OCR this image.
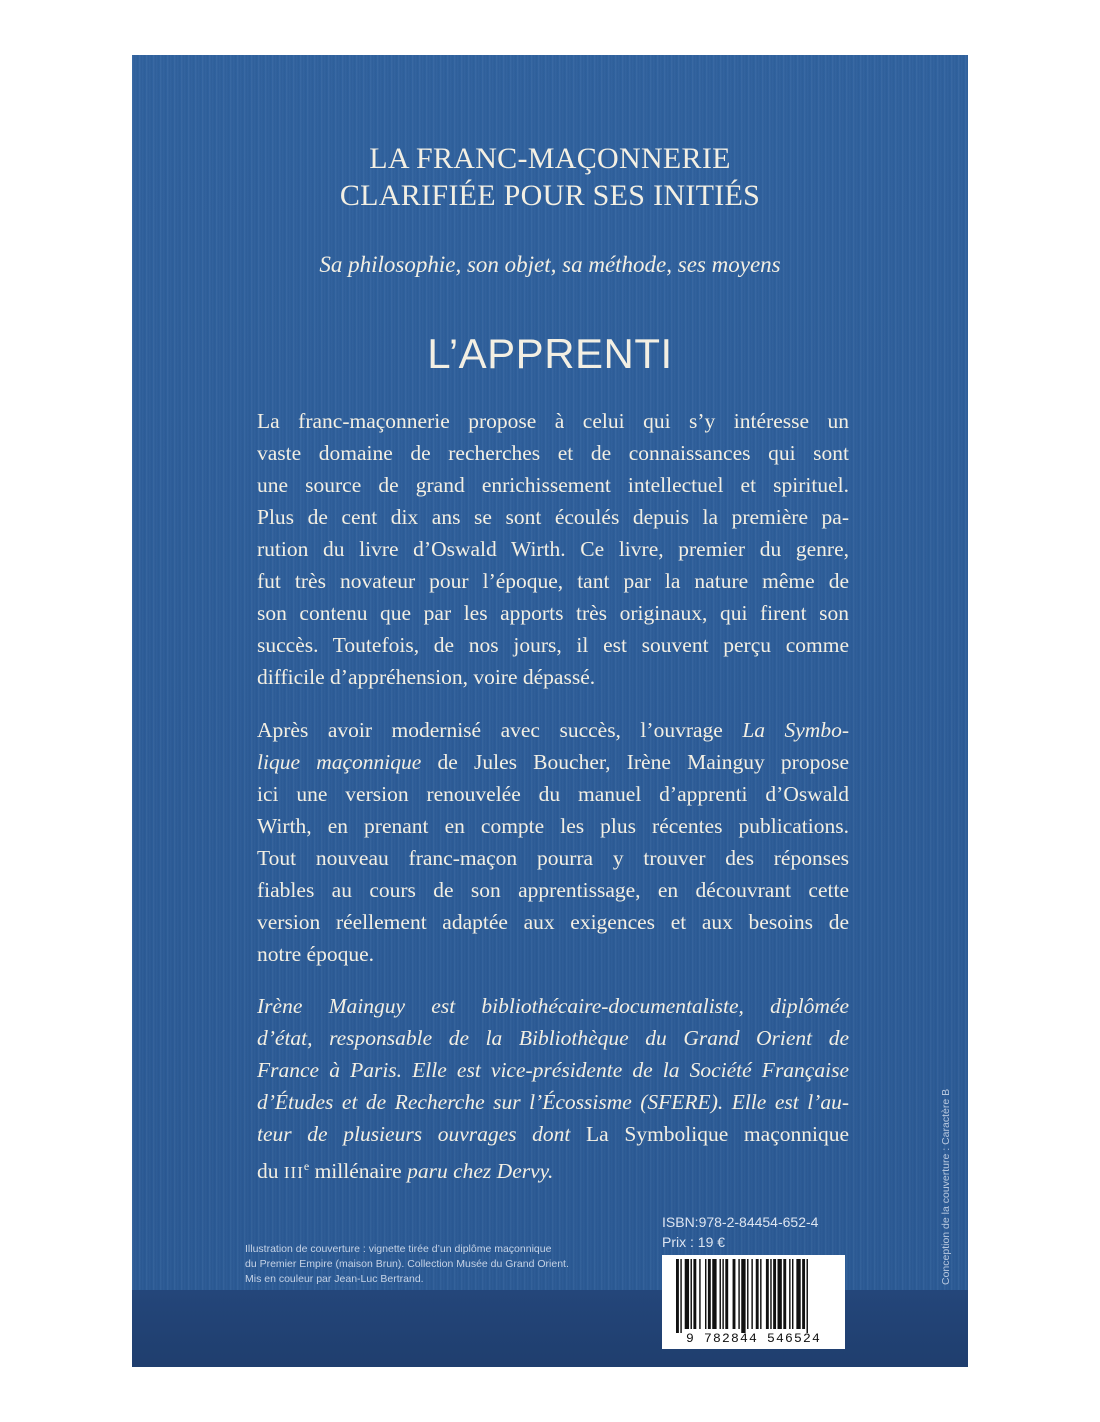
LA FRANC-MAÇONNERIE
CLARIFIÉE POUR SES INITIÉS
Sa philosophie, son objet, sa méthode, ses moyens
L’APPRENTI
La franc-maçonnerie propose à celui qui s’y intéresse un
vaste domaine de recherches et de connaissances qui sont
une source de grand enrichissement intellectuel et spirituel.
Plus de cent dix ans se sont écoulés depuis la première pa-
rution du livre d’Oswald Wirth. Ce livre, premier du genre,
fut très novateur pour l’époque, tant par la nature même de
son contenu que par les apports très originaux, qui firent son
succès. Toutefois, de nos jours, il est souvent perçu comme
difficile d’appréhension, voire dépassé.
Après avoir modernisé avec succès, l’ouvrage La Symbo-
lique maçonnique de Jules Boucher, Irène Mainguy propose
ici une version renouvelée du manuel d’apprenti d’Oswald
Wirth, en prenant en compte les plus récentes publications.
Tout nouveau franc-maçon pourra y trouver des réponses
fiables au cours de son apprentissage, en découvrant cette
version réellement adaptée aux exigences et aux besoins de
notre époque.
Irène Mainguy est bibliothécaire-documentaliste, diplômée
d’état, responsable de la Bibliothèque du Grand Orient de
France à Paris. Elle est vice-présidente de la Société Française
d’Études et de Recherche sur l’Écossisme (SFERE). Elle est l’au-
teur de plusieurs ouvrages dont La Symbolique maçonnique
du IIIe millénaire paru chez Dervy.
Illustration de couverture : vignette tirée d’un diplôme maçonnique
du Premier Empire (maison Brun). Collection Musée du Grand Orient.
Mis en couleur par Jean-Luc Bertrand.
ISBN:978-2-84454-652-4
Prix : 19 €
9 782844 546524
Conception de la couverture : Caractère B
